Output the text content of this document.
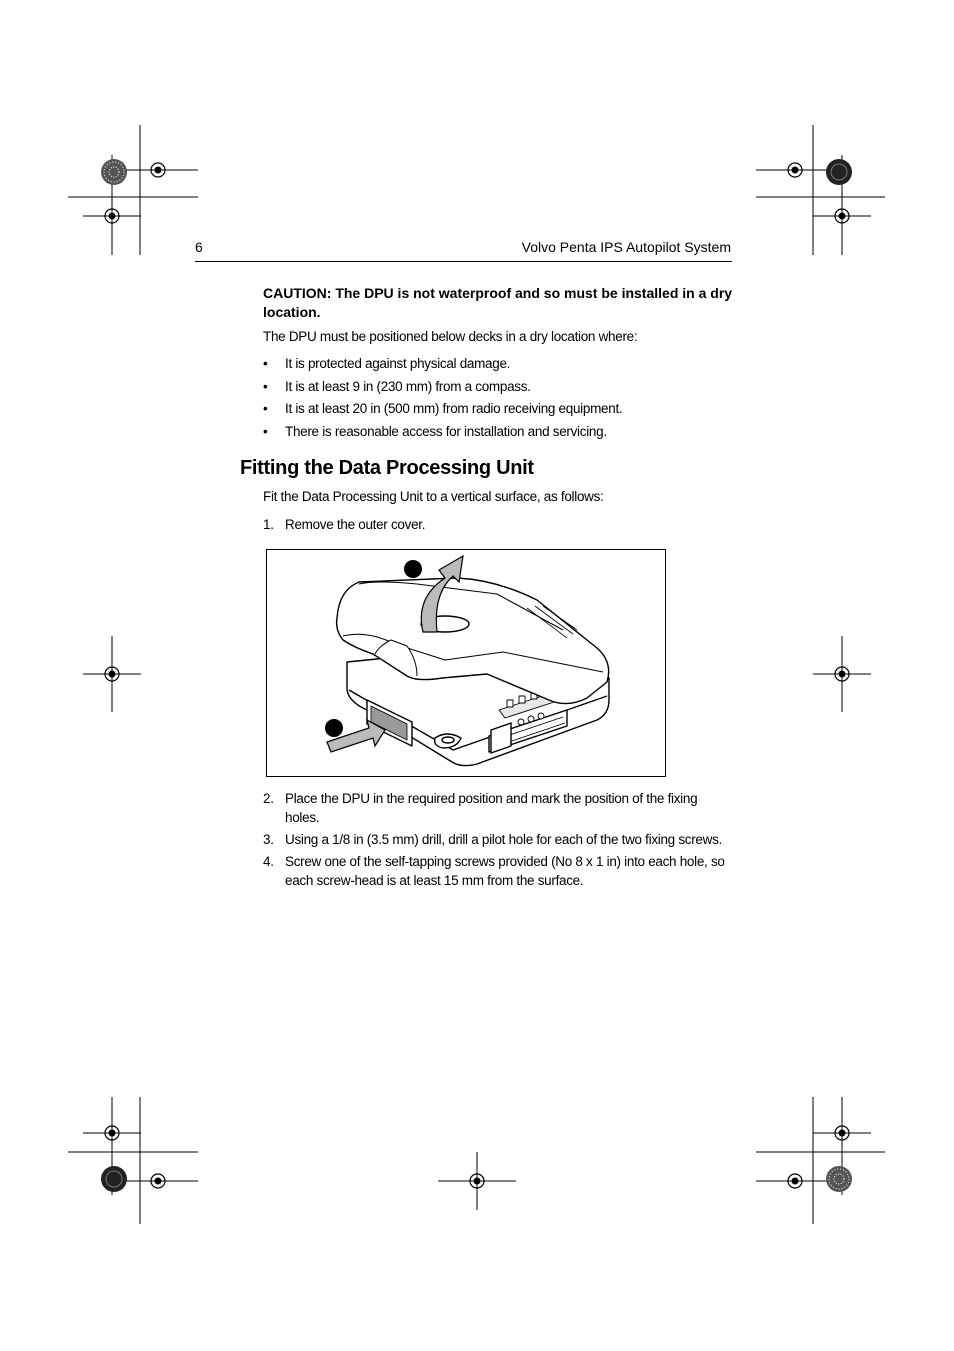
6	Volvo Penta IPS Autopilot System
CAUTION: The DPU is not waterproof and so must be installed in a dry location.
The DPU must be positioned below decks in a dry location where:
• It is protected against physical damage.
• It is at least 9 in (230 mm) from a compass.
• It is at least 20 in (500 mm) from radio receiving equipment.
• There is reasonable access for installation and servicing.
Fitting the Data Processing Unit
Fit the Data Processing Unit to a vertical surface, as follows:
1. Remove the outer cover.
2. Place the DPU in the required position and mark the position of the fixing holes.
3. Using a 1/8 in (3.5 mm) drill, drill a pilot hole for each of the two fixing screws.
4. Screw one of the self-tapping screws provided (No 8 x 1 in) into each hole, so each screw-head is at least 15 mm from the surface.
